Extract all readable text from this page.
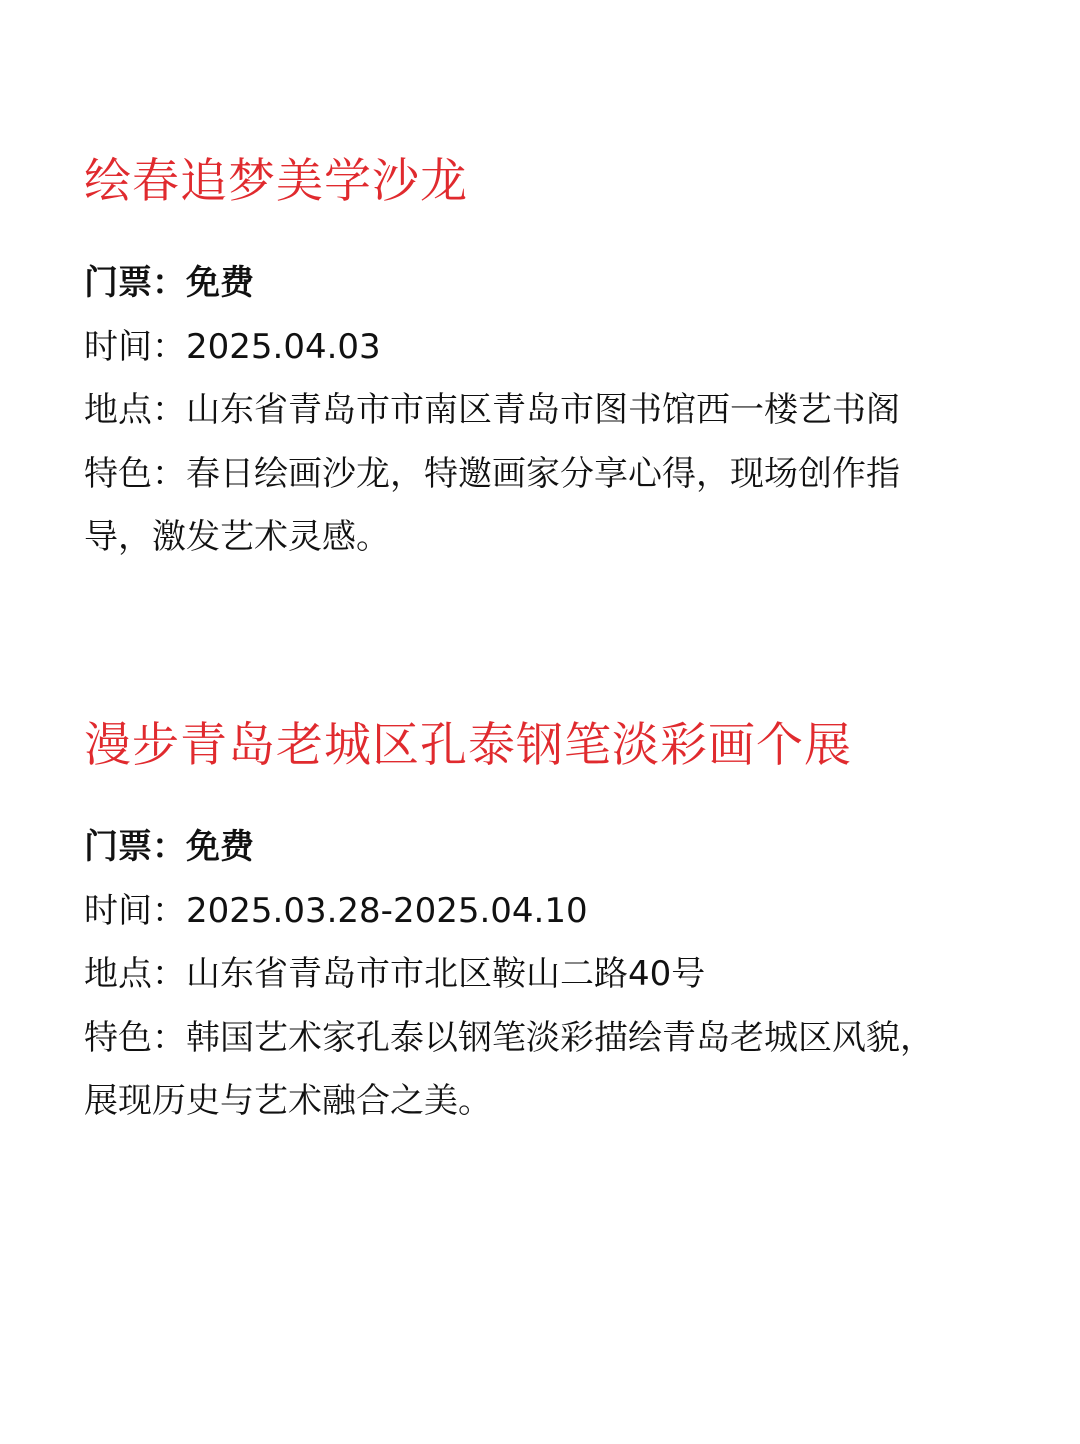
绘春追梦美学沙龙

门票：免费

时间：2025.04.03

地点：山东省青岛市市南区青岛市图书馆西一楼艺书阁

特色：春日绘画沙龙，特邀画家分享心得，现场创作指导，激发艺术灵感。

漫步青岛老城区孔泰钢笔淡彩画个展

门票：免费

时间：2025.03.28-2025.04.10

地点：山东省青岛市市北区鞍山二路40号

特色：韩国艺术家孔泰以钢笔淡彩描绘青岛老城区风貌，展现历史与艺术融合之美。
